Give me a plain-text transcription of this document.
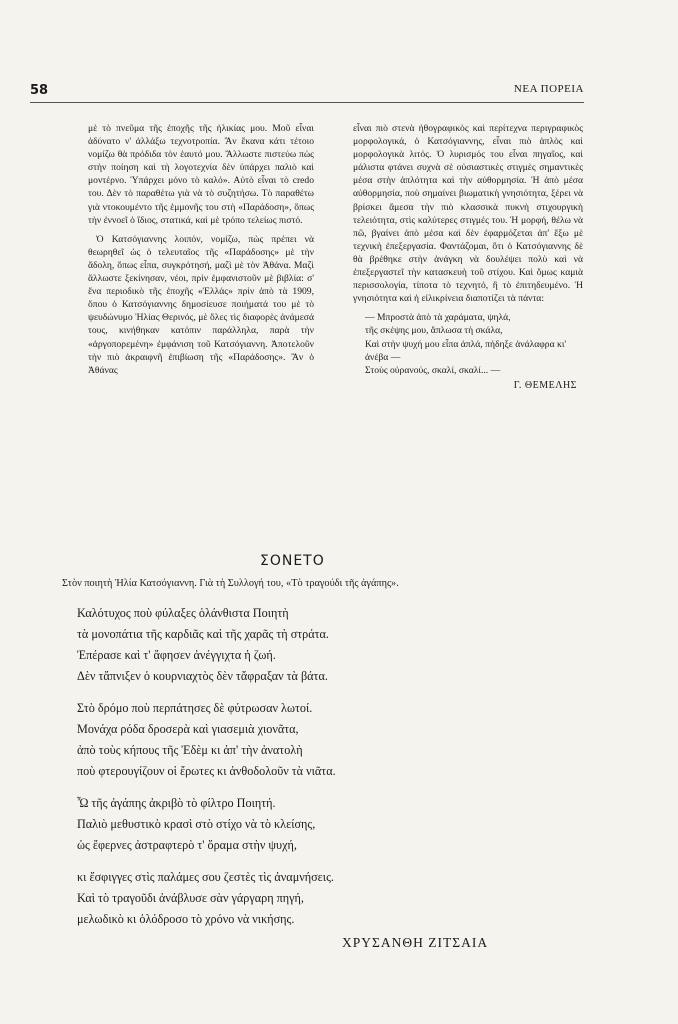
58	ΝΕΑ ΠΟΡΕΙΑ

μὲ τὸ πνεῦμα τῆς ἐποχῆς τῆς ἡλικίας μου. Μοῦ εἶναι ἀδύνατο ν' ἀλλάξω τεχνοτροπία. Ἂν ἔκανα κάτι τέτοιο νομίζω θὰ πρόδιδα τὸν ἑαυτό μου. Ἄλλωστε πιστεύω πὼς στὴν ποίηση καὶ τὴ λογοτεχνία δὲν ὑπάρχει παλιὸ καὶ μοντέρνο. Ὑπάρχει μόνο τὸ καλό». Αὐτὸ εἶναι τὸ credo του. Δὲν τὸ παραθέτω γιὰ νὰ τὸ συζητήσω. Τὸ παραθέτω γιὰ ντοκουμέντο τῆς ἐμμονῆς του στὴ «Παράδοση», ὅπως τὴν ἐννοεῖ ὁ ἴδιος, στατικά, καὶ μὲ τρόπο τελείως πιστό.

Ὁ Κατσόγιαννης λοιπόν, νομίζω, πὼς πρέπει νὰ θεωρηθεῖ ὡς ὁ τελευταῖος τῆς «Παράδοσης» μὲ τὴν ἄδολη, ὅπως εἶπα, συγκρότησή, μαζὶ μὲ τὸν Ἀθάνα. Μαζὶ ἄλλωστε ξεκίνησαν, νέοι, πρὶν ἐμφανιστοῦν μὲ βιβλία: σ' ἕνα περιοδικὸ τῆς ἐποχῆς «Ἑλλάς» πρὶν ἀπὸ τὰ 1909, ὅπου ὁ Κατσόγιαννης δημοσίευσε ποιήματά του μὲ τὸ ψευδώνυμο Ἠλίας Θερινός, μὲ ὅλες τὶς διαφορὲς ἀνάμεσά τους, κινήθηκαν κατόπιν παράλληλα, παρὰ τὴν «ἀργοπορεμένη» ἐμφάνιση τοῦ Κατσόγιαννη. Ἀποτελοῦν τὴν πιὸ ἀκραιφνῆ ἐπιβίωση τῆς «Παράδοσης». Ἂν ὁ Ἀθάνας

εἶναι πιὸ στενὰ ἠθογραφικὸς καὶ περίτεχνα περιγραφικὸς μορφολογικά, ὁ Κατσόγιαννης, εἶναι πιὸ ἁπλὸς καὶ μορφολογικὰ λιτός. Ὁ λυρισμός του εἶναι πηγαῖος, καὶ μάλιστα φτάνει συχνὰ σὲ οὐσιαστικὲς στιγμὲς σημαντικὲς μέσα στὴν ἁπλότητα καὶ τὴν αὐθορμησία. Ἡ ἀπὸ μέσα αὐθορμησία, ποὺ σημαίνει βιωματικὴ γνησιότητα, ξέρει νὰ βρίσκει ἄμεσα τὴν πιὸ κλασσικὰ πυκνὴ στιχουργικὴ τελειότητα, στὶς καλύτερες στιγμές του. Ἡ μορφή, θέλω νὰ πῶ, βγαίνει ἀπὸ μέσα καὶ δὲν ἐφαρμόζεται ἀπ' ἔξω μὲ τεχνικὴ ἐπεξεργασία. Φαντάζομαι, ὅτι ὁ Κατσόγιαννης δὲ θὰ βρέθηκε στὴν ἀνάγκη νὰ δουλέψει πολὺ καὶ νὰ ἐπεξεργαστεῖ τὴν κατασκευὴ τοῦ στίχου. Καὶ ὅμως καμιὰ περισσολογία, τίποτα τὸ τεχνητό, ἢ τὸ ἐπιτηδευμένο. Ἡ γνησιότητα καὶ ἡ εἰλικρίνεια διαποτίζει τὰ πάντα:

— Μπροστὰ ἀπὸ τὰ χαράματα, ψηλά,
τῆς σκέψης μου, ἅπλωσα τὴ σκάλα,
Καὶ στὴν ψυχή μου εἶπα ἁπλά, πήδηξε ἀνάλαφρα κι' ἀνέβα —
Στοὺς οὐρανούς, σκαλί, σκαλί... —
Γ. ΘΕΜΕΛΗΣ
ΣΟΝΕΤΟ
Στὸν ποιητὴ Ἠλία Κατσόγιαννη. Γιὰ τὴ Συλλογή του, «Τὸ τραγούδι τῆς ἀγάπης».
Καλότυχος ποὺ φύλαξες ὁλάνθιστα Ποιητὴ
τὰ μονοπάτια τῆς καρδιᾶς καὶ τῆς χαρᾶς τὴ στράτα.
Ἐπέρασε καὶ τ' ἄφησεν ἀνέγγιχτα ἡ ζωή.
Δὲν τἄπνιξεν ὁ κουρνιαχτὸς δὲν τἄφραξαν τὰ βάτα.
Στὸ δρόμο ποὺ περπάτησες δὲ φύτρωσαν λωτοί.
Μονάχα ρόδα δροσερὰ καὶ γιασεμιὰ χιονᾶτα,
ἀπὸ τοὺς κήπους τῆς Ἐδὲμ κι ἀπ' τὴν ἀνατολὴ
ποὺ φτερουγίζουν οἱ ἔρωτες κι ἀνθοδολοῦν τὰ νιᾶτα.
Ὦ τῆς ἀγάπης ἀκριβὸ τὸ φίλτρο Ποιητή.
Παλιὸ μεθυστικὸ κρασὶ στὸ στίχο νὰ τὸ κλείσης,
ὡς ἔφερνες ἀστραφτερὸ τ' ὅραμα στὴν ψυχή,
κι ἔσφιγγες στὶς παλάμες σου ζεστὲς τὶς ἀναμνήσεις.
Καὶ τὸ τραγοῦδι ἀνάβλυσε σὰν γάργαρη πηγή,
μελωδικὸ κι ὁλόδροσο τὸ χρόνο νὰ νικήσης.
ΧΡΥΣΑΝΘΗ ΖΙΤΣΑΙΑ
